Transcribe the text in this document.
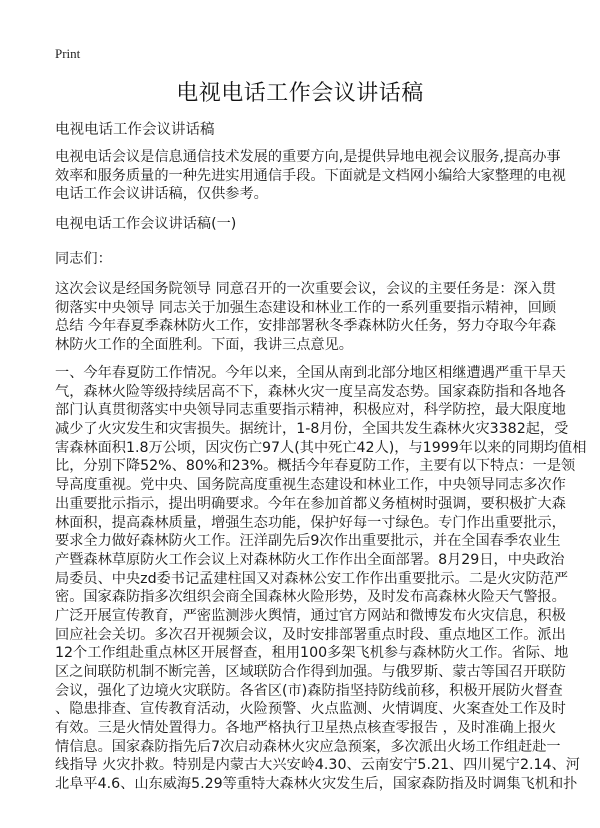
Print
电视电话工作会议讲话稿
电视电话工作会议讲话稿
电视电话会议是信息通信技术发展的重要方向,是提供异地电视会议服务,提高办事
效率和服务质量的一种先进实用通信手段。下面就是文档网小编给大家整理的电视
电话工作会议讲话稿，仅供参考。
电视电话工作会议讲话稿(一)
同志们：
这次会议是经国务院领导 同意召开的一次重要会议，会议的主要任务是：深入贯
彻落实中央领导 同志关于加强生态建设和林业工作的一系列重要指示精神，回顾
总结 今年春夏季森林防火工作，安排部署秋冬季森林防火任务，努力夺取今年森
林防火工作的全面胜利。下面，我讲三点意见。
一、今年春夏防工作情况。今年以来，全国从南到北部分地区相继遭遇严重干旱天
气，森林火险等级持续居高不下，森林火灾一度呈高发态势。国家森防指和各地各
部门认真贯彻落实中央领导同志重要指示精神，积极应对，科学防控，最大限度地
减少了火灾发生和灾害损失。据统计，1-8月份，全国共发生森林火灾3382起，受
害森林面积1.8万公顷，因灾伤亡97人(其中死亡42人)，与1999年以来的同期均值相
比，分别下降52%、80%和23%。概括今年春夏防工作，主要有以下特点：一是领
导高度重视。党中央、国务院高度重视生态建设和林业工作，中央领导同志多次作
出重要批示指示，提出明确要求。今年在参加首都义务植树时强调，要积极扩大森
林面积，提高森林质量，增强生态功能，保护好每一寸绿色。专门作出重要批示，
要求全力做好森林防火工作。汪洋副先后9次作出重要批示，并在全国春季农业生
产暨森林草原防火工作会议上对森林防火工作作出全面部署。8月29日，中央政治
局委员、中央zd委书记孟建柱国又对森林公安工作作出重要批示。二是火灾防范严
密。国家森防指多次组织会商全国森林火险形势，及时发布高森林火险天气警报。
广泛开展宣传教育，严密监测涉火舆情，通过官方网站和微博发布火灾信息，积极
回应社会关切。多次召开视频会议，及时安排部署重点时段、重点地区工作。派出
12个工作组赴重点林区开展督查，租用100多架飞机参与森林防火工作。省际、地
区之间联防机制不断完善，区域联防合作得到加强。与俄罗斯、蒙古等国召开联防
会议，强化了边境火灾联防。各省区(市)森防指坚持防线前移，积极开展防火督查
、隐患排查、宣传教育活动，火险预警、火点监测、火情调度、火案查处工作及时
有效。三是火情处置得力。各地严格执行卫星热点核查零报告 ，及时准确上报火
情信息。国家森防指先后7次启动森林火灾应急预案，多次派出火场工作组赶赴一
线指导 火灾扑救。特别是内蒙古大兴安岭4.30、云南安宁5.21、四川冕宁2.14、河
北阜平4.6、山东威海5.29等重特大森林火灾发生后，国家森防指及时调集飞机和扑
